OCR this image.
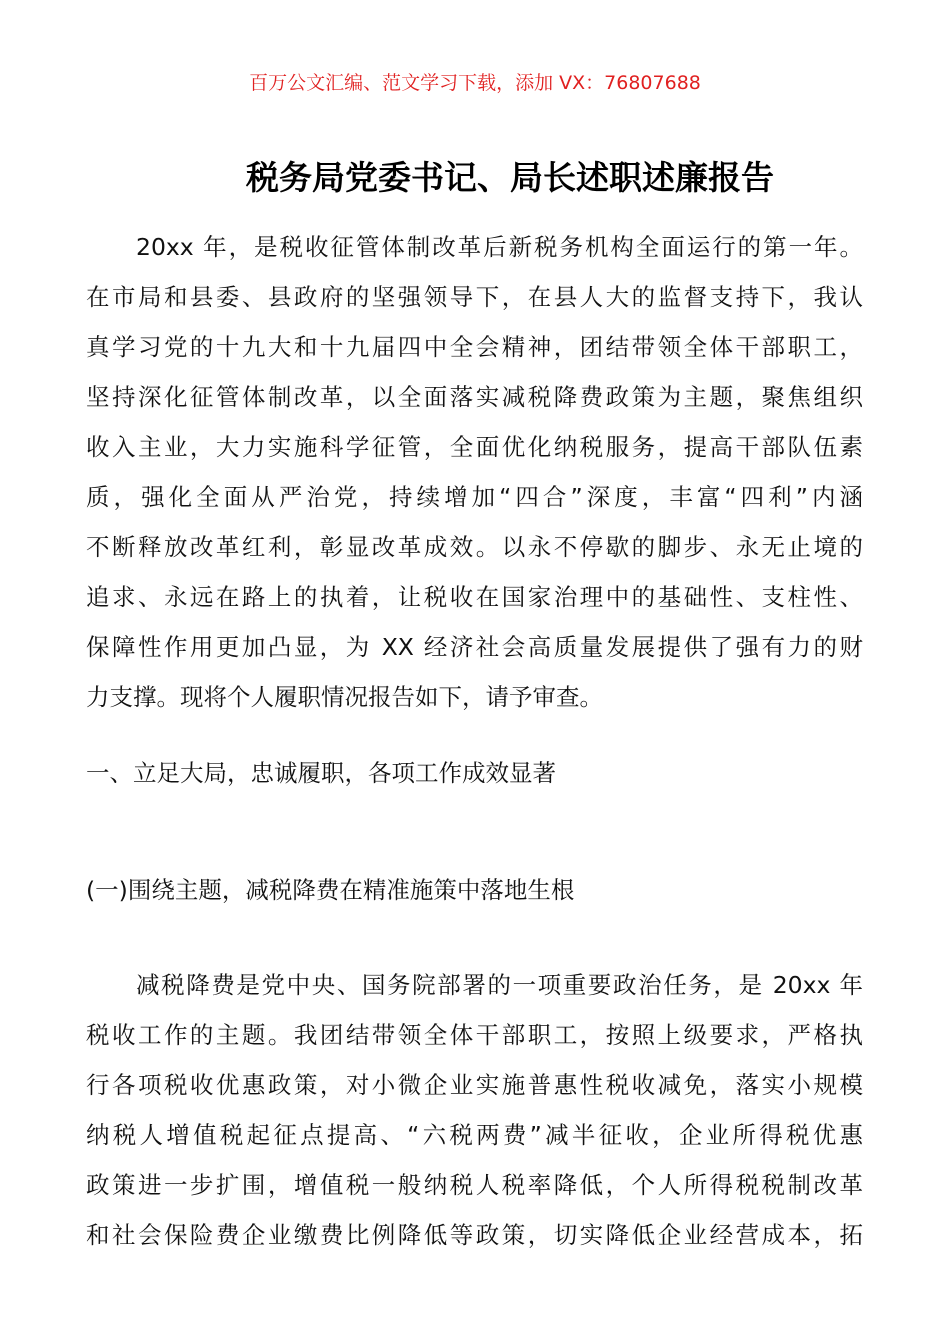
百万公文汇编、范文学习下载，添加 VX：76807688
税务局党委书记、局长述职述廉报告
20xx 年，是税收征管体制改革后新税务机构全面运行的第一年。
在市局和县委、县政府的坚强领导下，在县人大的监督支持下，我认
真学习党的十九大和十九届四中全会精神，团结带领全体干部职工，
坚持深化征管体制改革，以全面落实减税降费政策为主题，聚焦组织
收入主业，大力实施科学征管，全面优化纳税服务，提高干部队伍素
质，强化全面从严治党，持续增加“四合”深度，丰富“四利”内涵
不断释放改革红利，彰显改革成效。以永不停歇的脚步、永无止境的
追求、永远在路上的执着，让税收在国家治理中的基础性、支柱性、
保障性作用更加凸显，为 XX 经济社会高质量发展提供了强有力的财
力支撑。现将个人履职情况报告如下，请予审查。
一、立足大局，忠诚履职，各项工作成效显著
(一)围绕主题，减税降费在精准施策中落地生根
减税降费是党中央、国务院部署的一项重要政治任务，是 20xx 年
税收工作的主题。我团结带领全体干部职工，按照上级要求，严格执
行各项税收优惠政策，对小微企业实施普惠性税收减免，落实小规模
纳税人增值税起征点提高、“六税两费”减半征收，企业所得税优惠
政策进一步扩围，增值税一般纳税人税率降低，个人所得税税制改革
和社会保险费企业缴费比例降低等政策，切实降低企业经营成本，拓
